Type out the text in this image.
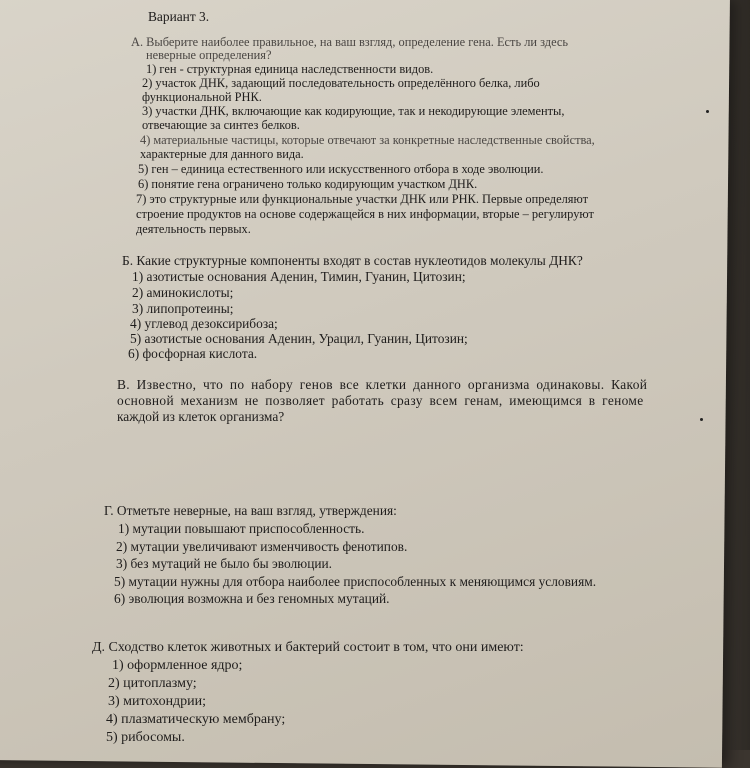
Вариант 3.
А. Выберите наиболее правильное, на ваш взгляд, определение гена. Есть ли здесь
неверные определения?
1) ген - структурная единица наследственности видов.
2) участок ДНК, задающий последовательность определённого белка, либо
функциональной РНК.
3) участки ДНК, включающие как кодирующие, так и некодирующие элементы,
отвечающие за синтез белков.
4) материальные частицы, которые отвечают за конкретные наследственные свойства,
характерные для данного вида.
5) ген – единица естественного или искусственного отбора в ходе эволюции.
6) понятие гена ограничено только кодирующим участком ДНК.
7) это структурные или функциональные участки ДНК или РНК. Первые определяют
строение продуктов на основе содержащейся в них информации, вторые – регулируют
деятельность первых.
Б. Какие структурные компоненты входят в состав нуклеотидов молекулы ДНК?
1) азотистые основания Аденин, Тимин, Гуанин, Цитозин;
2) аминокислоты;
3) липопротеины;
4) углевод дезоксирибоза;
5) азотистые основания Аденин, Урацил, Гуанин, Цитозин;
6) фосфорная кислота.
В. Известно, что по набору генов все клетки данного организма одинаковы. Какой
основной механизм не позволяет работать сразу всем генам, имеющимся в геноме
каждой из клеток организма?
Г. Отметьте неверные, на ваш взгляд, утверждения:
1) мутации повышают приспособленность.
2) мутации увеличивают изменчивость фенотипов.
3) без мутаций не было бы эволюции.
5) мутации нужны для отбора наиболее приспособленных к меняющимся условиям.
6) эволюция возможна и без геномных мутаций.
Д. Сходство клеток животных и бактерий состоит в том, что они имеют:
1) оформленное ядро;
2) цитоплазму;
3) митохондрии;
4) плазматическую мембрану;
5) рибосомы.
